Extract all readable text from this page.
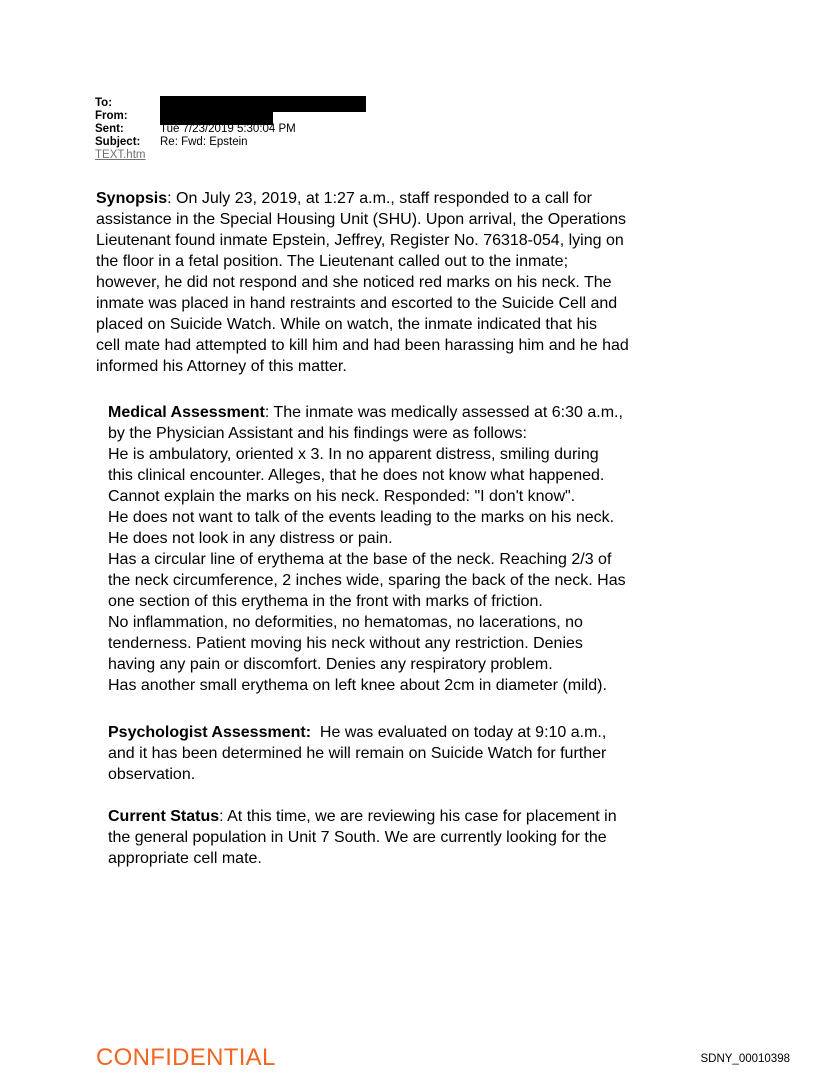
To:
From:
Sent:	Tue 7/23/2019 5:30:04 PM
Subject:	Re: Fwd: Epstein
TEXT.htm
Synopsis: On July 23, 2019, at 1:27 a.m., staff responded to a call for
assistance in the Special Housing Unit (SHU). Upon arrival, the Operations
Lieutenant found inmate Epstein, Jeffrey, Register No. 76318-054, lying on
the floor in a fetal position. The Lieutenant called out to the inmate;
however, he did not respond and she noticed red marks on his neck. The
inmate was placed in hand restraints and escorted to the Suicide Cell and
placed on Suicide Watch. While on watch, the inmate indicated that his
cell mate had attempted to kill him and had been harassing him and he had
informed his Attorney of this matter.
Medical Assessment: The inmate was medically assessed at 6:30 a.m.,
by the Physician Assistant and his findings were as follows:
He is ambulatory, oriented x 3. In no apparent distress, smiling during
this clinical encounter. Alleges, that he does not know what happened.
Cannot explain the marks on his neck. Responded: "I don't know".
He does not want to talk of the events leading to the marks on his neck.
He does not look in any distress or pain.
Has a circular line of erythema at the base of the neck. Reaching 2/3 of
the neck circumference, 2 inches wide, sparing the back of the neck. Has
one section of this erythema in the front with marks of friction.
No inflammation, no deformities, no hematomas, no lacerations, no
tenderness. Patient moving his neck without any restriction. Denies
having any pain or discomfort. Denies any respiratory problem.
Has another small erythema on left knee about 2cm in diameter (mild).
Psychologist Assessment:  He was evaluated on today at 9:10 a.m.,
and it has been determined he will remain on Suicide Watch for further
observation.
Current Status: At this time, we are reviewing his case for placement in
the general population in Unit 7 South. We are currently looking for the
appropriate cell mate.
CONFIDENTIAL	SDNY_00010398
